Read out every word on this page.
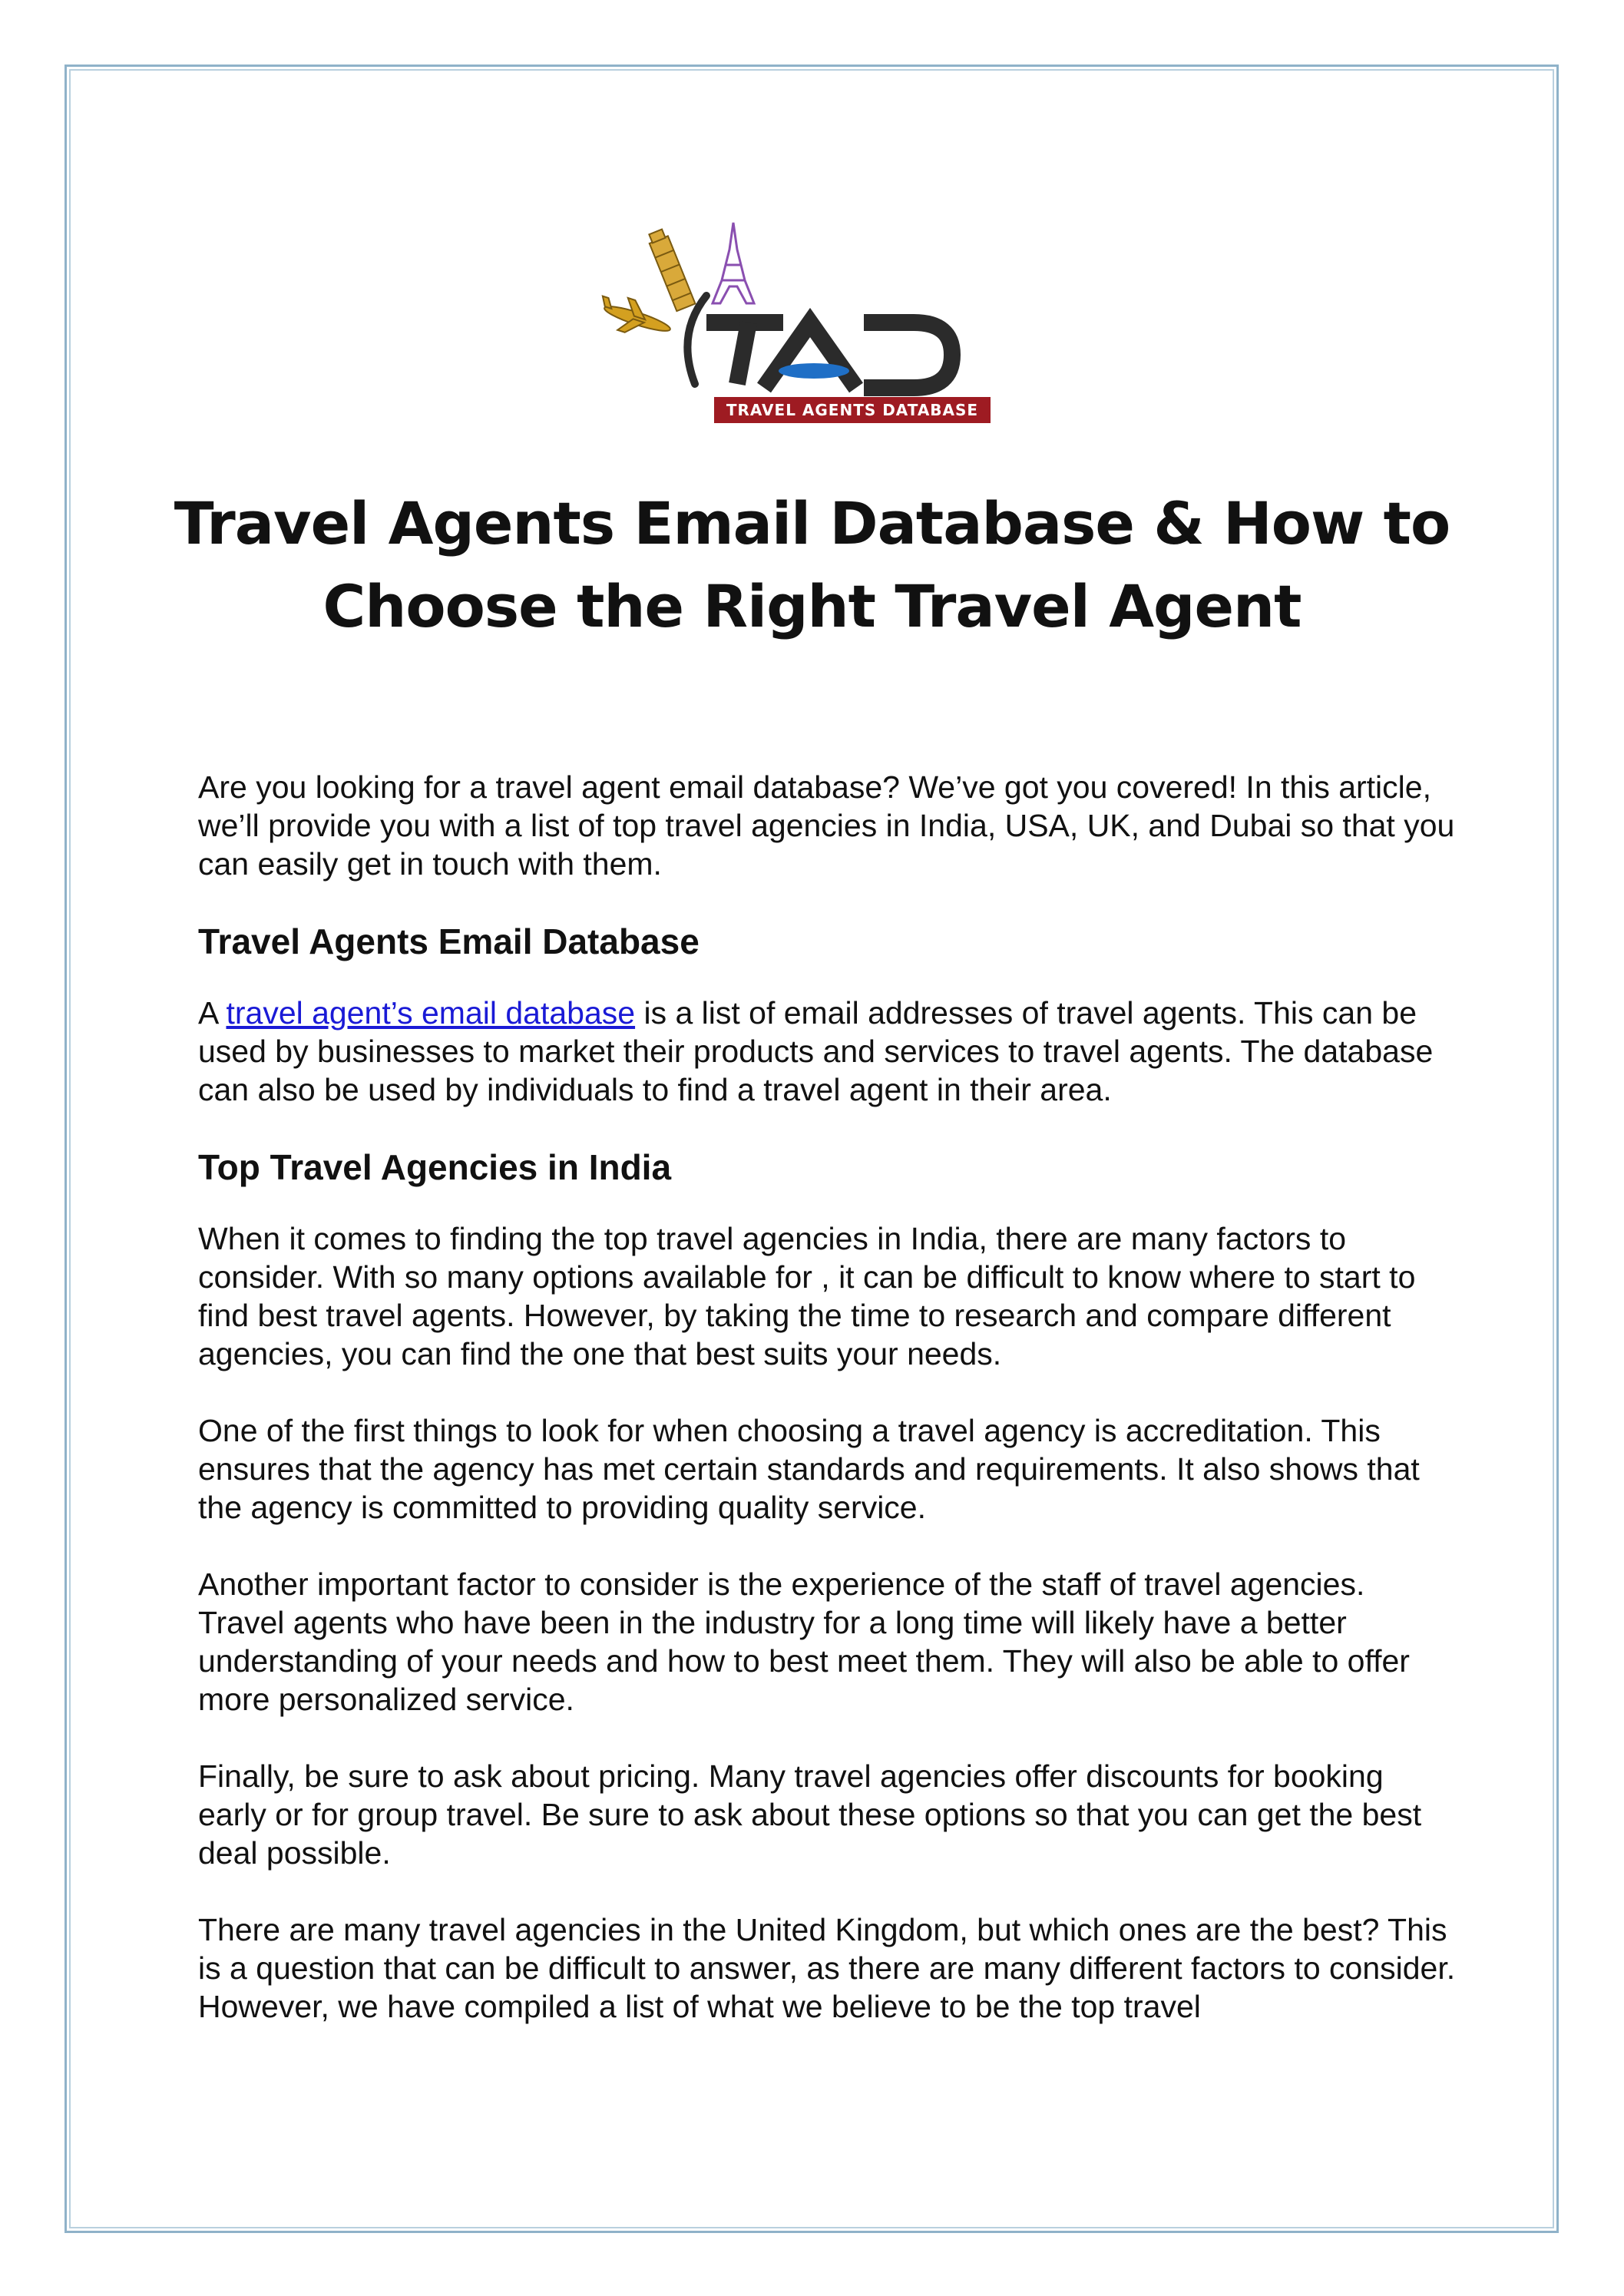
TRAVEL AGENTS DATABASE
Travel Agents Email Database & How to
Choose the Right Travel Agent

Are you looking for a travel agent email database? We’ve got you covered! In this article, we’ll provide you with a list of top travel agencies in India, USA, UK, and Dubai so that you can easily get in touch with them.

Travel Agents Email Database

A travel agent’s email database is a list of email addresses of travel agents. This can be used by businesses to market their products and services to travel agents. The database can also be used by individuals to find a travel agent in their area.

Top Travel Agencies in India

When it comes to finding the top travel agencies in India, there are many factors to consider. With so many options available for , it can be difficult to know where to start to find best travel agents. However, by taking the time to research and compare different agencies, you can find the one that best suits your needs.

One of the first things to look for when choosing a travel agency is accreditation. This ensures that the agency has met certain standards and requirements. It also shows that the agency is committed to providing quality service.

Another important factor to consider is the experience of the staff of travel agencies. Travel agents who have been in the industry for a long time will likely have a better understanding of your needs and how to best meet them. They will also be able to offer more personalized service.

Finally, be sure to ask about pricing. Many travel agencies offer discounts for booking early or for group travel. Be sure to ask about these options so that you can get the best deal possible.

There are many travel agencies in the United Kingdom, but which ones are the best? This is a question that can be difficult to answer, as there are many different factors to consider. However, we have compiled a list of what we believe to be the top travel
